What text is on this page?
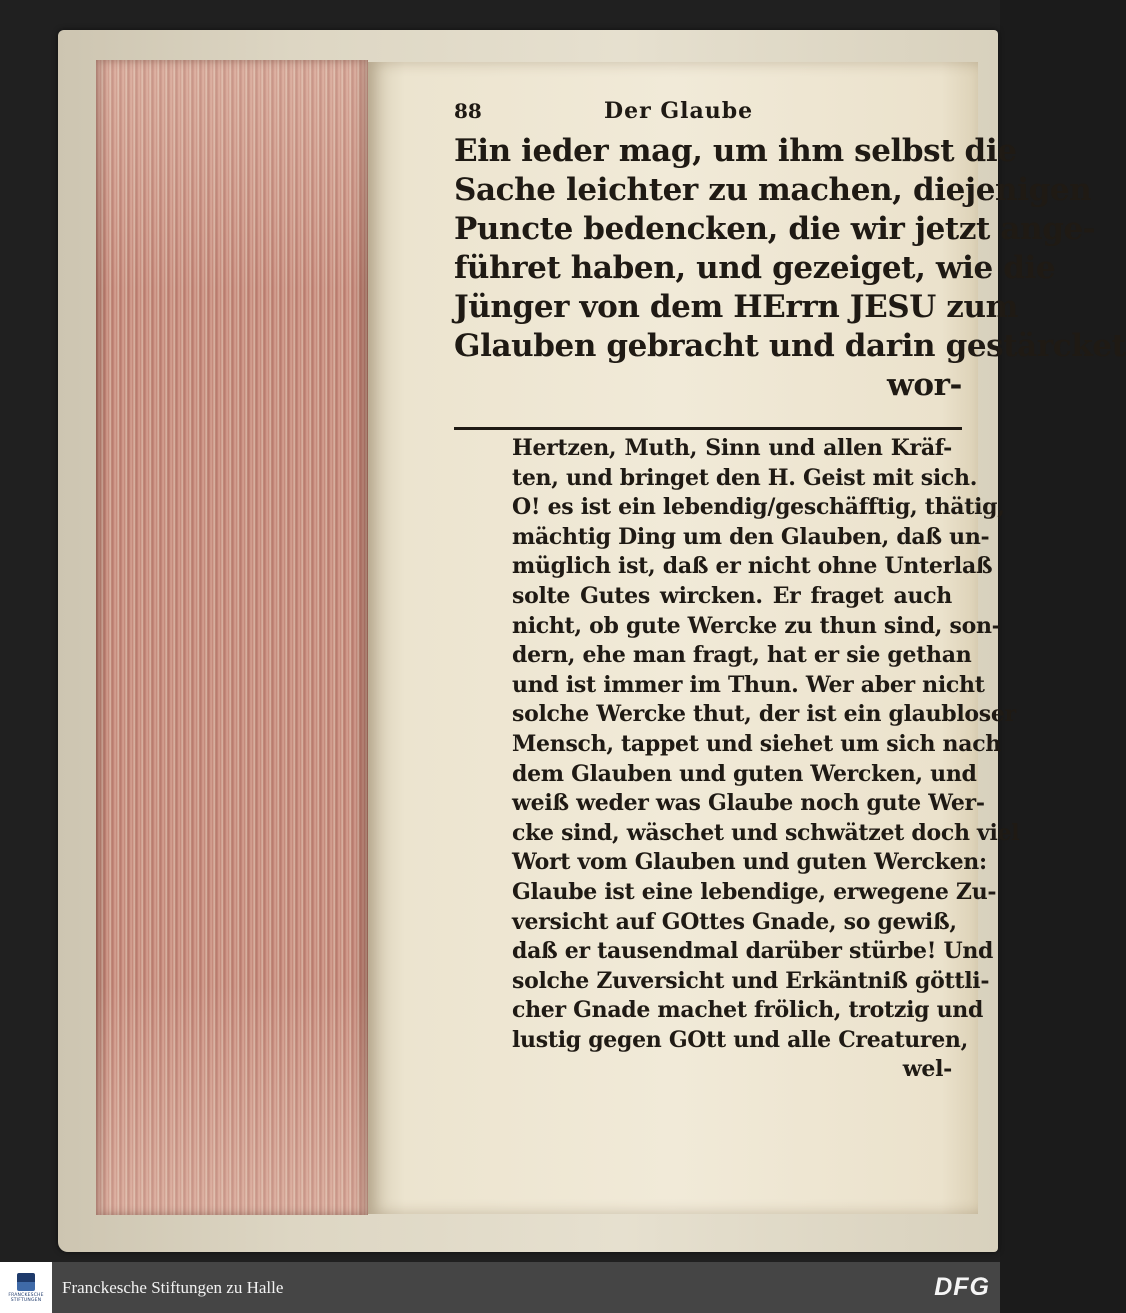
88	Der Glaube
Ein ieder mag, um ihm selbst die
Sache leichter zu machen, diejenigen
Puncte bedencken, die wir jetzt ange-
führet haben, und gezeiget, wie die
Jünger von dem HErrn JESU zum
Glauben gebracht und darin gestärcket
wor-
Hertzen, Muth, Sinn und allen Kräf-
ten, und bringet den H. Geist mit sich.
O! es ist ein lebendig/geschäfftig, thätig,
mächtig Ding um den Glauben, daß un-
müglich ist, daß er nicht ohne Unterlaß
solte Gutes wircken. Er fraget auch
nicht, ob gute Wercke zu thun sind, son-
dern, ehe man fragt, hat er sie gethan
und ist immer im Thun. Wer aber nicht
solche Wercke thut, der ist ein glaubloser
Mensch, tappet und siehet um sich nach
dem Glauben und guten Wercken, und
weiß weder was Glaube noch gute Wer-
cke sind, wäschet und schwätzet doch viel
Wort vom Glauben und guten Wercken:
Glaube ist eine lebendige, erwegene Zu-
versicht auf GOttes Gnade, so gewiß,
daß er tausendmal darüber stürbe! Und
solche Zuversicht und Erkäntniß göttli-
cher Gnade machet frölich, trotzig und
lustig gegen GOtt und alle Creaturen,
wel-
FRANCKESCHE
STIFTUNGEN
Franckesche Stiftungen zu Halle	DFG
